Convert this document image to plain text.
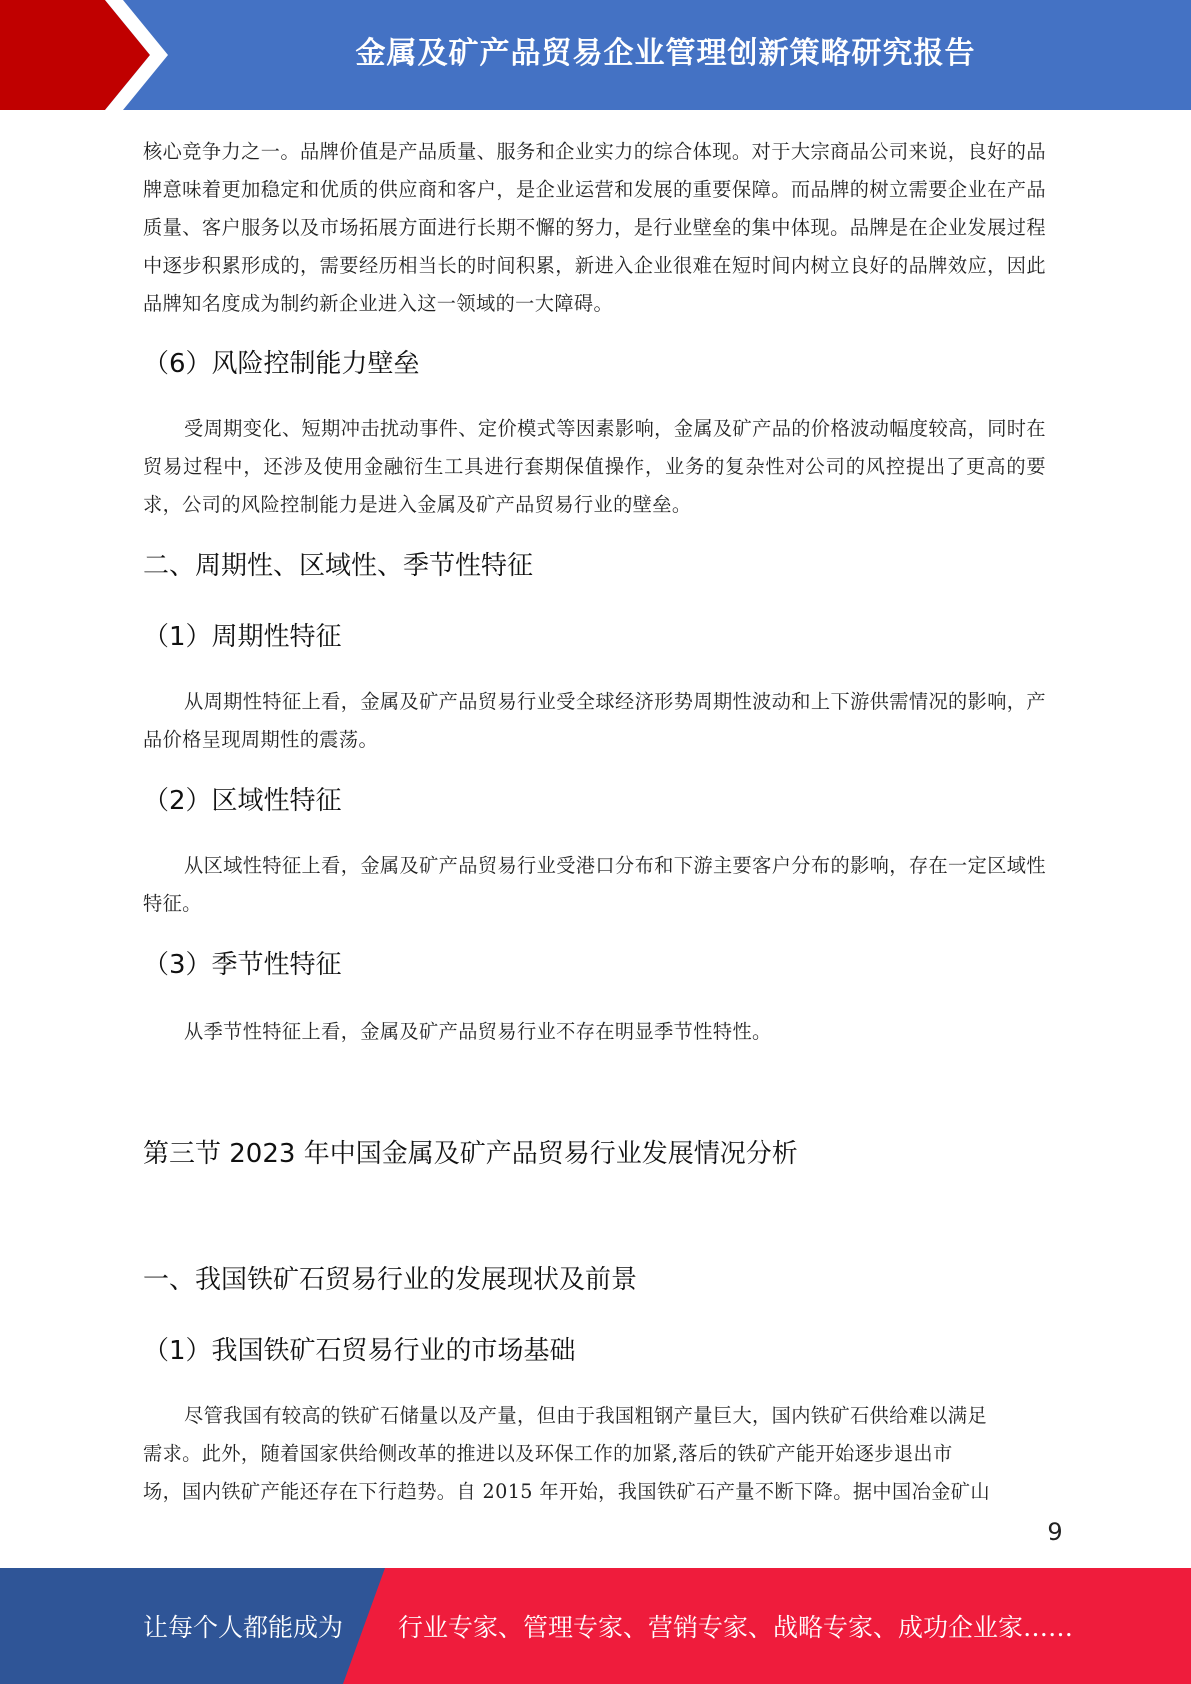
金属及矿产品贸易企业管理创新策略研究报告

核心竞争力之一。品牌价值是产品质量、服务和企业实力的综合体现。对于大宗商品公司来说，良好的品牌意味着更加稳定和优质的供应商和客户，是企业运营和发展的重要保障。而品牌的树立需要企业在产品质量、客户服务以及市场拓展方面进行长期不懈的努力，是行业壁垒的集中体现。品牌是在企业发展过程中逐步积累形成的，需要经历相当长的时间积累，新进入企业很难在短时间内树立良好的品牌效应，因此品牌知名度成为制约新企业进入这一领域的一大障碍。

（6）风险控制能力壁垒

受周期变化、短期冲击扰动事件、定价模式等因素影响，金属及矿产品的价格波动幅度较高，同时在贸易过程中，还涉及使用金融衍生工具进行套期保值操作，业务的复杂性对公司的风控提出了更高的要求，公司的风险控制能力是进入金属及矿产品贸易行业的壁垒。

二、周期性、区域性、季节性特征
（1）周期性特征

从周期性特征上看，金属及矿产品贸易行业受全球经济形势周期性波动和上下游供需情况的影响，产品价格呈现周期性的震荡。

（2）区域性特征

从区域性特征上看，金属及矿产品贸易行业受港口分布和下游主要客户分布的影响，存在一定区域性特征。

（3）季节性特征

从季节性特征上看，金属及矿产品贸易行业不存在明显季节性特性。

第三节 2023 年中国金属及矿产品贸易行业发展情况分析
一、我国铁矿石贸易行业的发展现状及前景
（1）我国铁矿石贸易行业的市场基础
尽管我国有较高的铁矿石储量以及产量，但由于我国粗钢产量巨大，国内铁矿石供给难以满足
需求。此外，随着国家供给侧改革的推进以及环保工作的加紧,落后的铁矿产能开始逐步退出市
场，国内铁矿产能还存在下行趋势。自 2015 年开始，我国铁矿石产量不断下降。据中国冶金矿山
9
让每个人都能成为 行业专家、管理专家、营销专家、战略专家、成功企业家……
